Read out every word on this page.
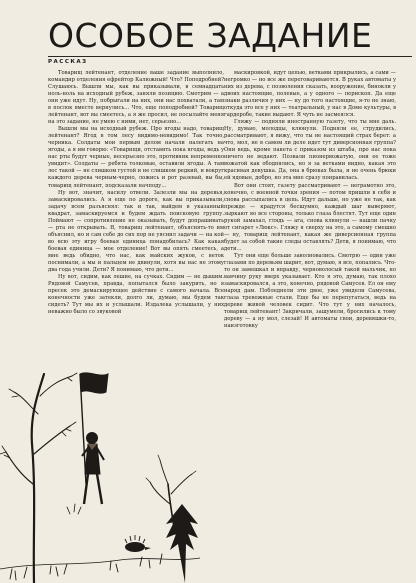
ОСОБОЕ ЗАДАНИЕ
РАССКАЗ

Товарищ лейтенант, отделение ваше задание выполнило, командир отделения ефрейтор Калюжный! Что? Поподробней? Слушаюсь. Вышли мы, как вы приказывали, в семнадцать ноль-ноль на исходный рубеж, заняли позицию. Смотрим — а они уже идут. Ну, побрыгали на них, они нас похватали, а там в послок вместе вернулись... Что, еще поподробней? Товарищ лейтенант, вот вы смеетесь, а я же просил, не посылайте меня на это задание, не умею с ними, нет, серьезно...

Вышли мы на исходный рубеж. Про ягоды надо, товарищ лейтенант? Ягод в том лесу видимо-невидимо! Так точно, черника. Солдаты мои первым делом начали налегать на ягоды, а я им говорю: «Товарищи, отставить пока ягоды, ведь у нас рты будут черные, несерьезно это, противник непременно увидит». Солдаты — ребята толковые, оставили ягоды. А там лес такой — не слишком густой и не слишком редкий, и вокруг каждого дерева черным-черно, ложись и рот разевай, вы бы, товарищ лейтенант, подсказали начподу...

Ну вот, значит, насилу отвели. Залезли мы на деревья, замаскировались. А я еще по дороге, как вы приказывали, задачу всем разъяснял: так и так, выйдем в указанный квадрат, замаскируемся и будем ждать поисковую группу. Поймают — сопротивление не оказывать, будут допрашивать — рта не открывать. Я, товарищ лейтенант, объяснять-то им объяснил, но и сам себе до сих пор не уяснил задачи — на кой во всю эту игру боевая единица понадобилась? Как какая боевая единица — мое отделение! Вот вы опять смеетесь, а мне ведь обидно, что нас, как майских жуков, с веток поснимали, а мы и пальцем не двинули, хотя вы нас не этому два года учили. Дети? Я понимаю, что дети...

Ну вот, сидим, как лешие, на сучках. Сидим — не дышим. Рядовой Самусев, правда, попытался было закурить, но я пресек это демаскирующее действие с самого начала. Все конечности уже затекли, долго ли, думаю, мы будем так сидеть? Тут мы их и услышали. Издалека услышали, у них неважно было со звуковой

маскировкой, идут цепью, ветками прикрылись, а сами — негромко — но все же переговариваются. В руках автоматы у них из дерева, с позволения сказать, вооружение, бинокли у двоих настоящие, полевые, а у одного — перископ. Да еще знаки различия у них — ну до того настоящие, я-то не знаю, откуда это все у них — театральный, у нас в Доме культуры, в гардеробе, такие выдают. Я чуть не засмеялся.

Гляжу — подняли иностранную газету, что ты мне даль. Ну, думаю, молодцы, клюнули. Подняли ее, струдились, рассматривают, я вижу, что ты не настоящий страх берет: а что, мол, не в самом ли деле идет тут диверсионная группа? Они ведь, кроме пакета с приказом из штаба, про нас пока ничего не ведают. Позвали пионервожатую, они ее тоже вожатой как ободнялись, но я за ветками видно, какая это красивая девушка. Да, она в брюках была, и не очень брюки ей ядовые, добро, но эта мне сразу понравилась.

Вот они стоят, газету рассматривают — неграмотно это, конечно, с военной точки зрения — потом пришли в себя и снова рассыпались в цепь. Идут дальше, но уже не так, как прежде — крадутся бесшумно, каждый шаг выверяют, зыркают во все стороны, только глаза блестят. Тут еще один рукой замахал, глядь — ага, снова клюнули — нашли пачку от сигарет «Люкс». Гляжу я сверху на это, а самому смешно — ну, товарищ лейтенант, какая же диверсионная группа будет за собой такие следы оставлять? Дети, я понимаю, что дети...

Тут они еще больше заволновались. Смотрю — один уже глазами по деревьям шарит, вот, думаю, я все, попались. Что-то он замешкал и вправду, черноволосый такой мальчик, но вавчину руку вверх указывает. Кто я это, думаю, так плохо замаскировался, а это, конечно, рядовой Самусев. Ел он ему наряд дам. Побледнели эти двое, уже увидели Самусева, глаза тревожные стали. Еще бы не перепугаться, ведь на дереве живой человек сидит. Что тут у них началось, товарищ лейтенант! Закричали, зашумели, бросились к тому дереву — а ну мол, слезай! И автоматы свои, деревяшки-то, наизготовку
